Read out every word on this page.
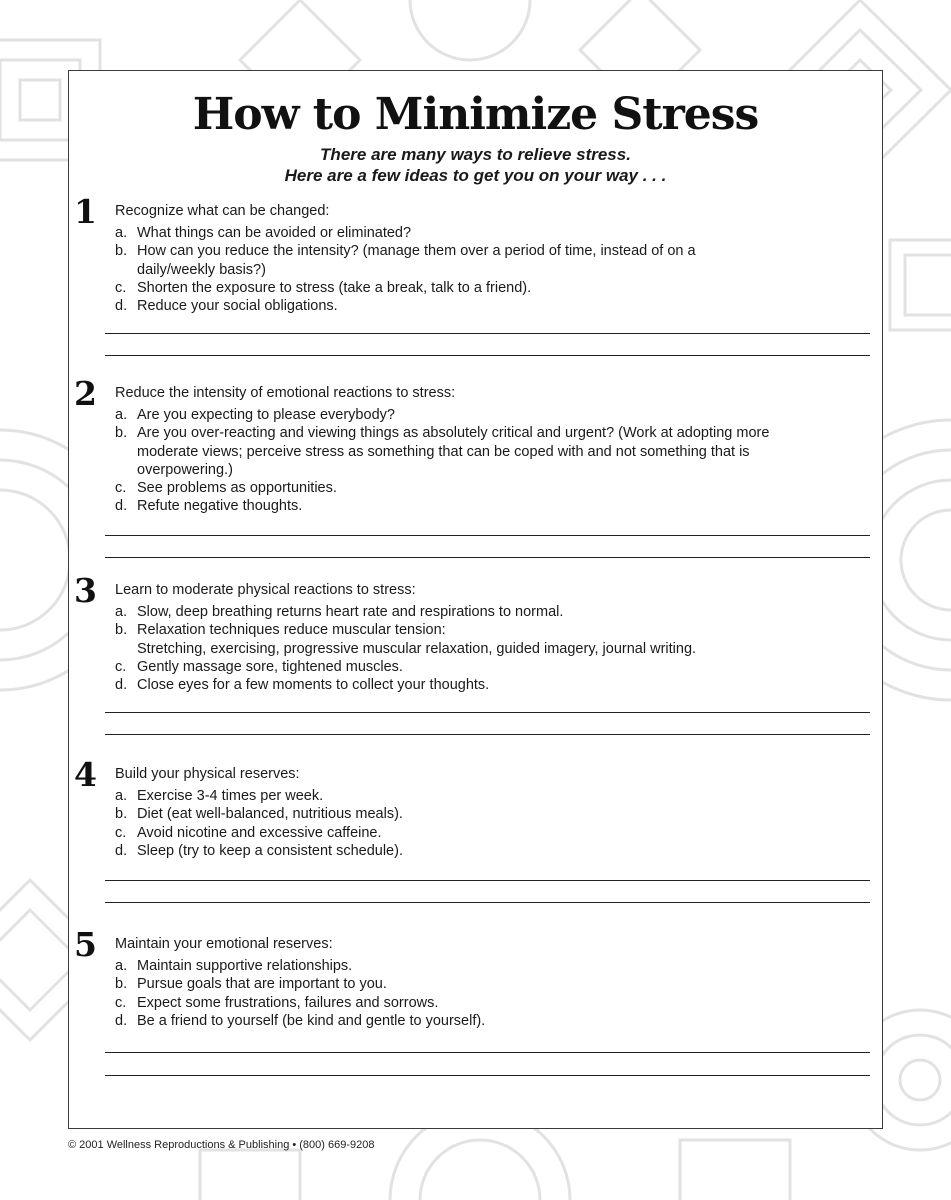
How to Minimize Stress
There are many ways to relieve stress.
Here are a few ideas to get you on your way . . .
1 Recognize what can be changed:

a. What things can be avoided or eliminated?
b. How can you reduce the intensity? (manage them over a period of time, instead of on a daily/weekly basis?)
c. Shorten the exposure to stress (take a break, talk to a friend).
d. Reduce your social obligations.
2 Reduce the intensity of emotional reactions to stress:

a. Are you expecting to please everybody?
b. Are you over-reacting and viewing things as absolutely critical and urgent? (Work at adopting more moderate views; perceive stress as something that can be coped with and not something that is overpowering.)
c. See problems as opportunities.
d. Refute negative thoughts.
3 Learn to moderate physical reactions to stress:

a. Slow, deep breathing returns heart rate and respirations to normal.
b. Relaxation techniques reduce muscular tension:
Stretching, exercising, progressive muscular relaxation, guided imagery, journal writing.
c. Gently massage sore, tightened muscles.
d. Close eyes for a few moments to collect your thoughts.
4 Build your physical reserves:

a. Exercise 3-4 times per week.
b. Diet (eat well-balanced, nutritious meals).
c. Avoid nicotine and excessive caffeine.
d. Sleep (try to keep a consistent schedule).
5 Maintain your emotional reserves:

a. Maintain supportive relationships.
b. Pursue goals that are important to you.
c. Expect some frustrations, failures and sorrows.
d. Be a friend to yourself (be kind and gentle to yourself).
© 2001 Wellness Reproductions & Publishing • (800) 669-9208
